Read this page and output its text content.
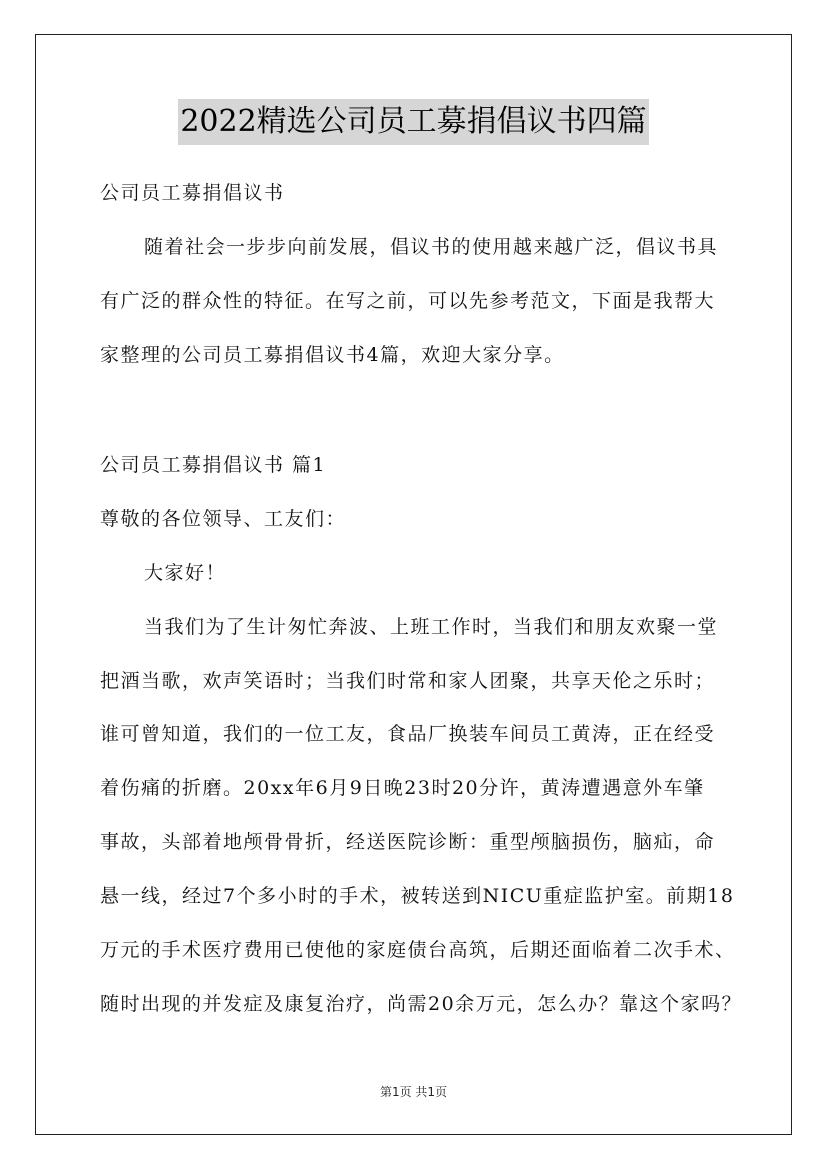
2022精选公司员工募捐倡议书四篇
公司员工募捐倡议书
随着社会一步步向前发展，倡议书的使用越来越广泛，倡议书具
有广泛的群众性的特征。在写之前，可以先参考范文，下面是我帮大
家整理的公司员工募捐倡议书4篇，欢迎大家分享。
公司员工募捐倡议书 篇1
尊敬的各位领导、工友们：
大家好！
当我们为了生计匆忙奔波、上班工作时，当我们和朋友欢聚一堂
把酒当歌，欢声笑语时；当我们时常和家人团聚，共享天伦之乐时；
谁可曾知道，我们的一位工友，食品厂换装车间员工黄涛，正在经受
着伤痛的折磨。20xx年6月9日晚23时20分许，黄涛遭遇意外车肇
事故，头部着地颅骨骨折，经送医院诊断：重型颅脑损伤，脑疝，命
悬一线，经过7个多小时的手术，被转送到NICU重症监护室。前期18
万元的手术医疗费用已使他的家庭债台高筑，后期还面临着二次手术、
随时出现的并发症及康复治疗，尚需20余万元，怎么办？靠这个家吗？
第1页 共1页
